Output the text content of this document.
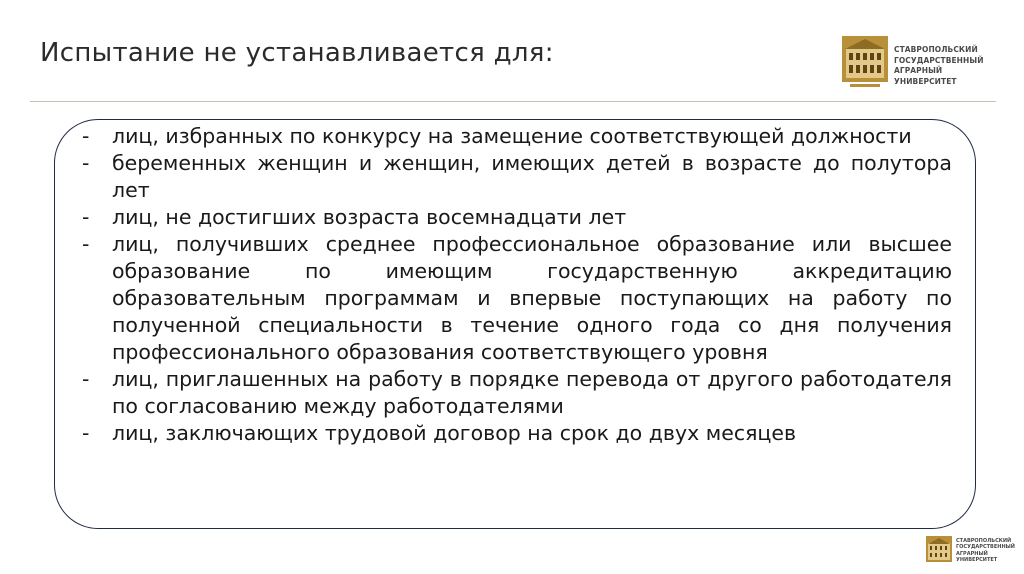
Испытание не устанавливается для:	СТАВРОПОЛЬСКИЙ
ГОСУДАРСТВЕННЫЙ
АГРАРНЫЙ УНИВЕРСИТЕТ
- лиц, избранных по конкурсу на замещение соответствующей должности
- беременных женщин и женщин, имеющих детей в возрасте до полутора лет
- лиц, не достигших возраста восемнадцати лет
- лиц, получивших среднее профессиональное образование или высшее образование по имеющим государственную аккредитацию образовательным программам и впервые поступающих на работу по полученной специальности в течение одного года со дня получения профессионального образования соответствующего уровня
- лиц, приглашенных на работу в порядке перевода от другого работодателя по согласованию между работодателями
- лиц, заключающих трудовой договор на срок до двух месяцев
СТАВРОПОЛЬСКИЙ
ГОСУДАРСТВЕННЫЙ
АГРАРНЫЙ УНИВЕРСИТЕТ
